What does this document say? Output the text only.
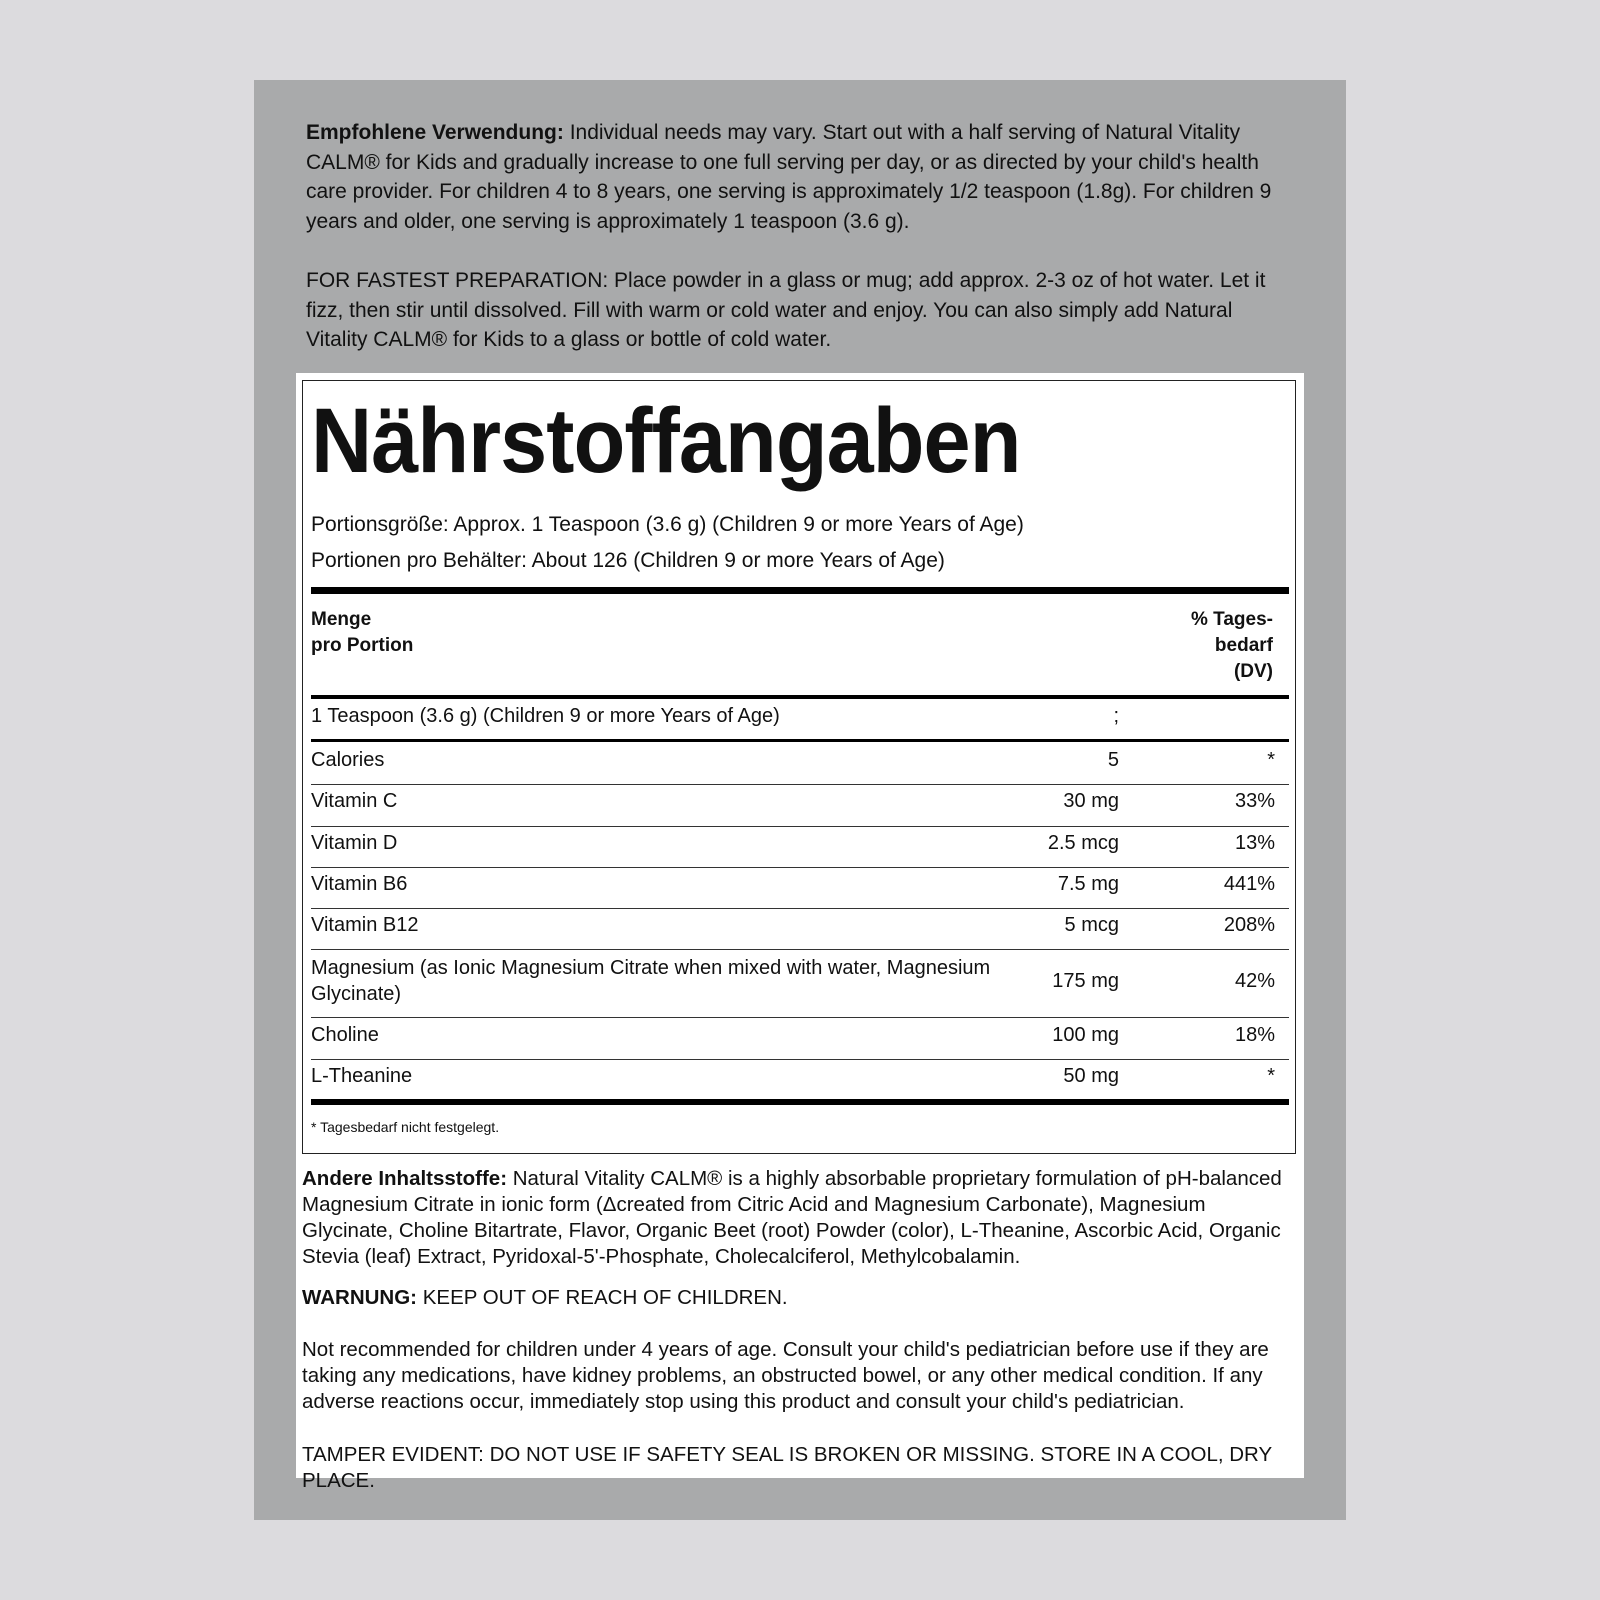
Empfohlene Verwendung: Individual needs may vary. Start out with a half serving of Natural Vitality CALM® for Kids and gradually increase to one full serving per day, or as directed by your child's health care provider. For children 4 to 8 years, one serving is approximately 1/2 teaspoon (1.8g). For children 9 years and older, one serving is approximately 1 teaspoon (3.6 g).

FOR FASTEST PREPARATION: Place powder in a glass or mug; add approx. 2-3 oz of hot water. Let it fizz, then stir until dissolved. Fill with warm or cold water and enjoy. You can also simply add Natural Vitality CALM® for Kids to a glass or bottle of cold water.

Nährstoffangaben
Portionsgröße: Approx. 1 Teaspoon (3.6 g) (Children 9 or more Years of Age)
Portionen pro Behälter: About 126 (Children 9 or more Years of Age)
Menge
pro Portion
% Tages-
bedarf
(DV)
1 Teaspoon (3.6 g) (Children 9 or more Years of Age)	;
Calories	5	*
Vitamin C	30 mg	33%
Vitamin D	2.5 mcg	13%
Vitamin B6	7.5 mg	441%
Vitamin B12	5 mcg	208%
Magnesium (as Ionic Magnesium Citrate when mixed with water, Magnesium
Glycinate)
175 mg	42%
Choline	100 mg	18%
L-Theanine	50 mg	*
* Tagesbedarf nicht festgelegt.

Andere Inhaltsstoffe: Natural Vitality CALM® is a highly absorbable proprietary formulation of pH-balanced Magnesium Citrate in ionic form (Δcreated from Citric Acid and Magnesium Carbonate), Magnesium Glycinate, Choline Bitartrate, Flavor, Organic Beet (root) Powder (color), L-Theanine, Ascorbic Acid, Organic Stevia (leaf) Extract, Pyridoxal-5'-Phosphate, Cholecalciferol, Methylcobalamin.

WARNUNG: KEEP OUT OF REACH OF CHILDREN.

Not recommended for children under 4 years of age. Consult your child's pediatrician before use if they are taking any medications, have kidney problems, an obstructed bowel, or any other medical condition. If any adverse reactions occur, immediately stop using this product and consult your child's pediatrician.
TAMPER EVIDENT: DO NOT USE IF SAFETY SEAL IS BROKEN OR MISSING. STORE IN A COOL, DRY PLACE.
